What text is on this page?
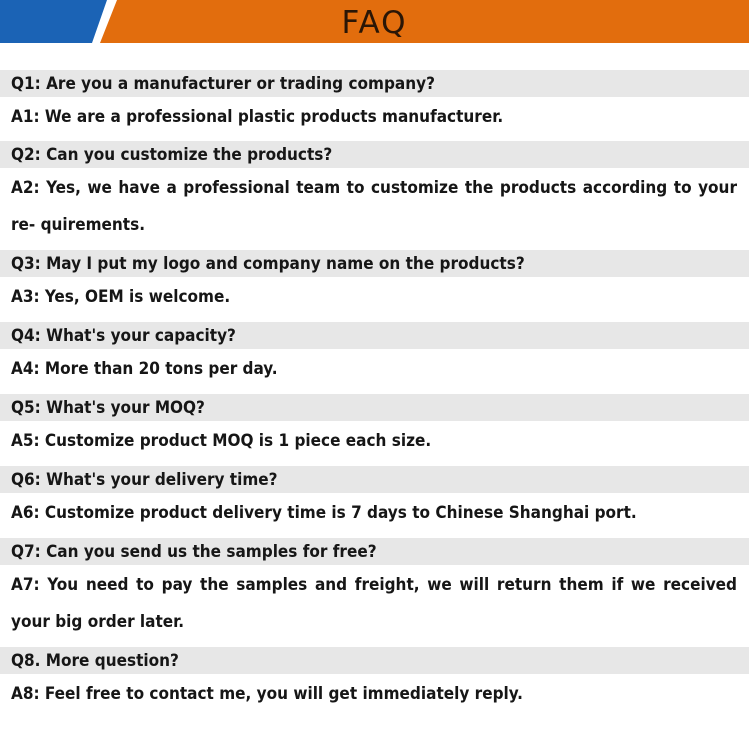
FAQ
Q1: Are you a manufacturer or trading company?
A1: We are a professional plastic products manufacturer.
Q2: Can you customize the products?
A2: Yes, we have a professional team to customize the products according to your re- quirements.
Q3: May I put my logo and company name on the products?
A3: Yes, OEM is welcome.
Q4: What's your capacity?
A4: More than 20 tons per day.
Q5: What's your MOQ?
A5: Customize product MOQ is 1 piece each size.
Q6: What's your delivery time?
A6: Customize product delivery time is 7 days to Chinese Shanghai port.
Q7: Can you send us the samples for free?
A7: You need to pay the samples and freight, we will return them if we received your big order later.
Q8. More question?
A8: Feel free to contact me, you will get immediately reply.
